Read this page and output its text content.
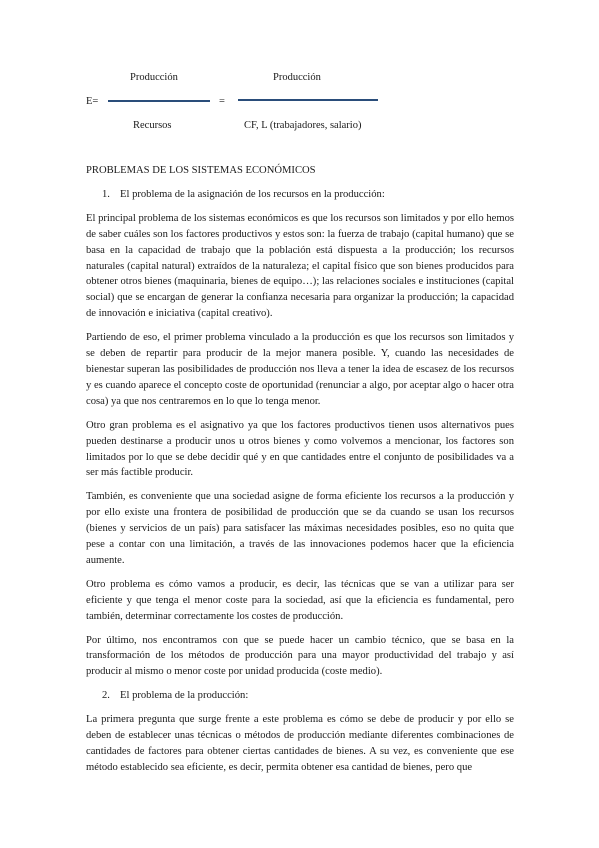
Producción	Producción
E=	=
Recursos	CF, L (trabajadores, salario)

PROBLEMAS DE LOS SISTEMAS ECONÓMICOS

1. El problema de la asignación de los recursos en la producción:

El principal problema de los sistemas económicos es que los recursos son limitados y por ello hemos de saber cuáles son los factores productivos y estos son: la fuerza de trabajo (capital humano) que se basa en la capacidad de trabajo que la población está dispuesta a la producción; los recursos naturales (capital natural) extraídos de la naturaleza; el capital físico que son bienes producidos para obtener otros bienes (maquinaria, bienes de equipo…); las relaciones sociales e instituciones (capital social) que se encargan de generar la confianza necesaria para organizar la producción; la capacidad de innovación e iniciativa (capital creativo).

Partiendo de eso, el primer problema vinculado a la producción es que los recursos son limitados y se deben de repartir para producir de la mejor manera posible. Y, cuando las necesidades de bienestar superan las posibilidades de producción nos lleva a tener la idea de escasez de los recursos y es cuando aparece el concepto coste de oportunidad (renunciar a algo, por aceptar algo o hacer otra cosa) ya que nos centraremos en lo que lo tenga menor.

Otro gran problema es el asignativo ya que los factores productivos tienen usos alternativos pues pueden destinarse a producir unos u otros bienes y como volvemos a mencionar, los factores son limitados por lo que se debe decidir qué y en que cantidades entre el conjunto de posibilidades va a ser más factible producir.

También, es conveniente que una sociedad asigne de forma eficiente los recursos a la producción y por ello existe una frontera de posibilidad de producción que se da cuando se usan los recursos (bienes y servicios de un país) para satisfacer las máximas necesidades posibles, eso no quita que pese a contar con una limitación, a través de las innovaciones podemos hacer que la eficiencia aumente.

Otro problema es cómo vamos a producir, es decir, las técnicas que se van a utilizar para ser eficiente y que tenga el menor coste para la sociedad, así que la eficiencia es fundamental, pero también, determinar correctamente los costes de producción.

Por último, nos encontramos con que se puede hacer un cambio técnico, que se basa en la transformación de los métodos de producción para una mayor productividad del trabajo y así producir al mismo o menor coste por unidad producida (coste medio).

2. El problema de la producción:

La primera pregunta que surge frente a este problema es cómo se debe de producir y por ello se deben de establecer unas técnicas o métodos de producción mediante diferentes combinaciones de cantidades de factores para obtener ciertas cantidades de bienes. A su vez, es conveniente que ese método establecido sea eficiente, es decir, permita obtener esa cantidad de bienes, pero que
